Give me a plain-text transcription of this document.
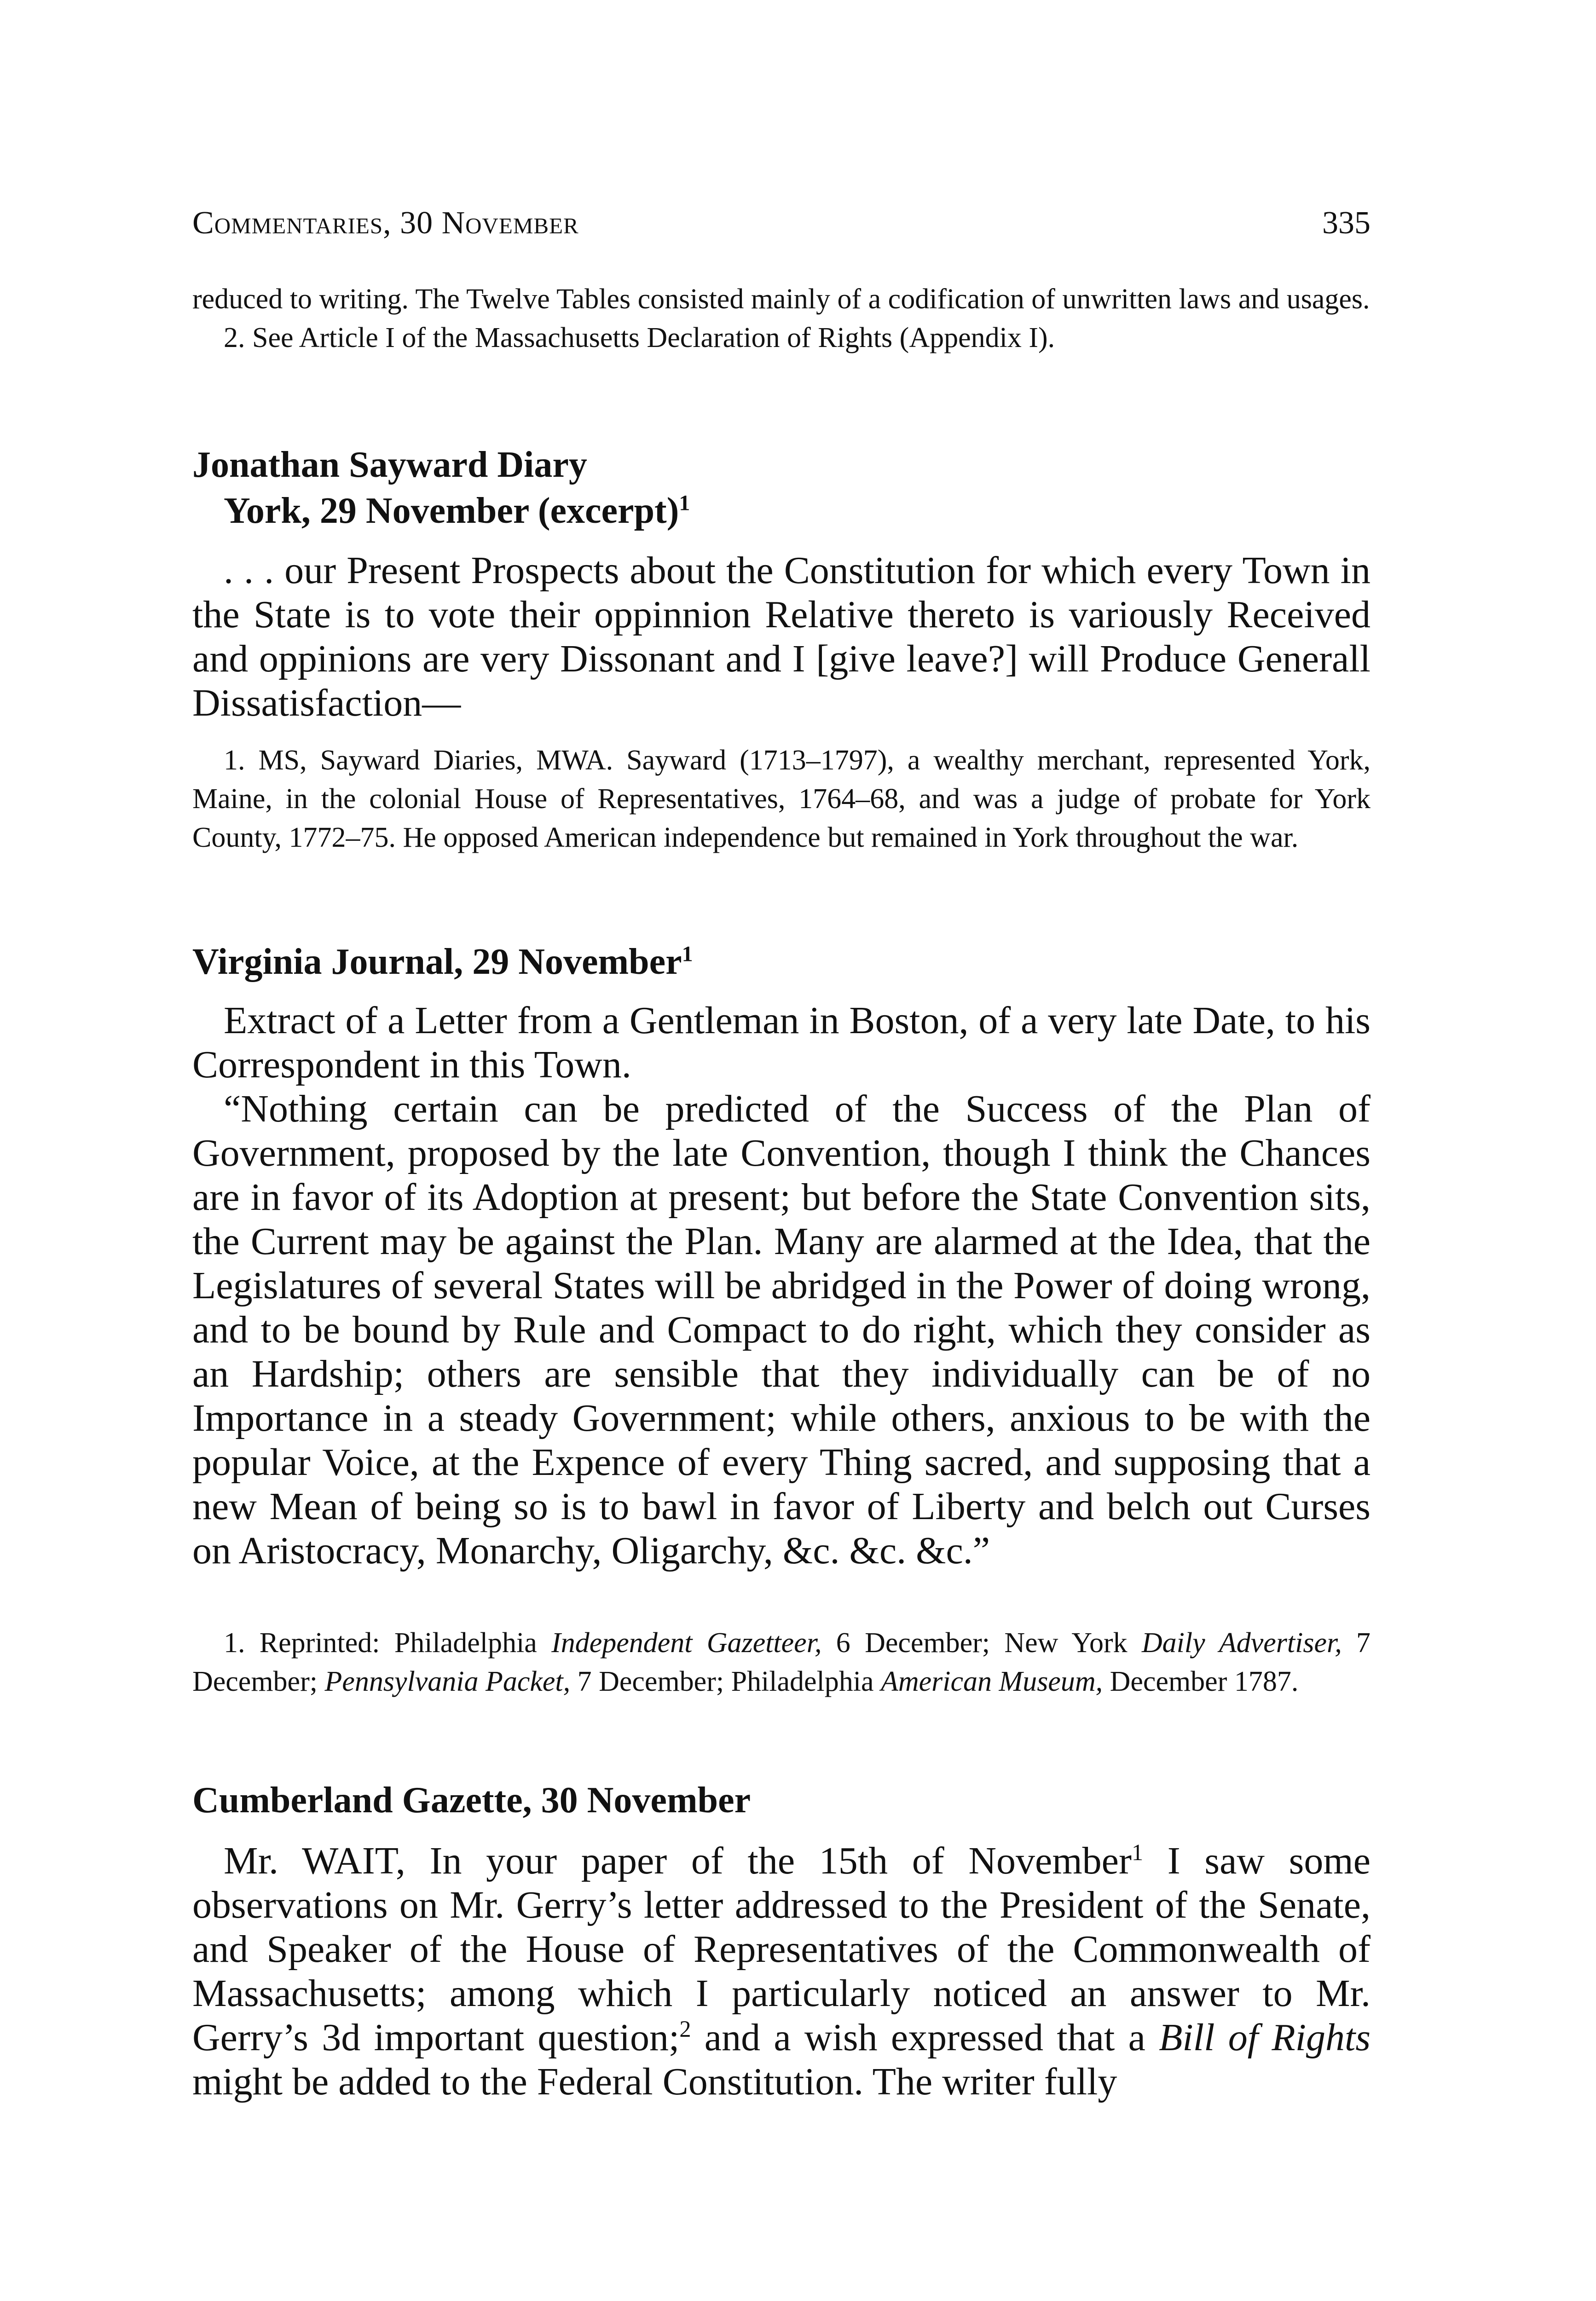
Commentaries, 30 November	335

reduced to writing. The Twelve Tables consisted mainly of a codification of unwritten laws and usages.

2. See Article I of the Massachusetts Declaration of Rights (Appendix I).

Jonathan Sayward Diary
York, 29 November (excerpt)$^1$

. . . our Present Prospects about the Constitution for which every Town in the State is to vote their oppinnion Relative thereto is variously Received and oppinions are very Dissonant and I [give leave?] will Produce Generall Dissatisfaction—

1. MS, Sayward Diaries, MWA. Sayward (1713–1797), a wealthy merchant, represented York, Maine, in the colonial House of Representatives, 1764–68, and was a judge of probate for York County, 1772–75. He opposed American independence but remained in York throughout the war.

Virginia Journal, 29 November$^1$

Extract of a Letter from a Gentleman in Boston, of a very late Date, to his Correspondent in this Town.

“Nothing certain can be predicted of the Success of the Plan of Government, proposed by the late Convention, though I think the Chances are in favor of its Adoption at present; but before the State Convention sits, the Current may be against the Plan. Many are alarmed at the Idea, that the Legislatures of several States will be abridged in the Power of doing wrong, and to be bound by Rule and Compact to do right, which they consider as an Hardship; others are sensible that they individually can be of no Importance in a steady Government; while others, anxious to be with the popular Voice, at the Expence of every Thing sacred, and supposing that a new Mean of being so is to bawl in favor of Liberty and belch out Curses on Aristocracy, Monarchy, Oligarchy, &c. &c. &c.”

1. Reprinted: Philadelphia Independent Gazetteer, 6 December; New York Daily Advertiser, 7 December; Pennsylvania Packet, 7 December; Philadelphia American Museum, December 1787.

Cumberland Gazette, 30 November

Mr. WAIT, In your paper of the 15th of November$^1$ I saw some observations on Mr. Gerry’s letter addressed to the President of the Senate, and Speaker of the House of Representatives of the Commonwealth of Massachusetts; among which I particularly noticed an answer to Mr. Gerry’s 3d important question;$^2$ and a wish expressed that a Bill of Rights might be added to the Federal Constitution. The writer fully
